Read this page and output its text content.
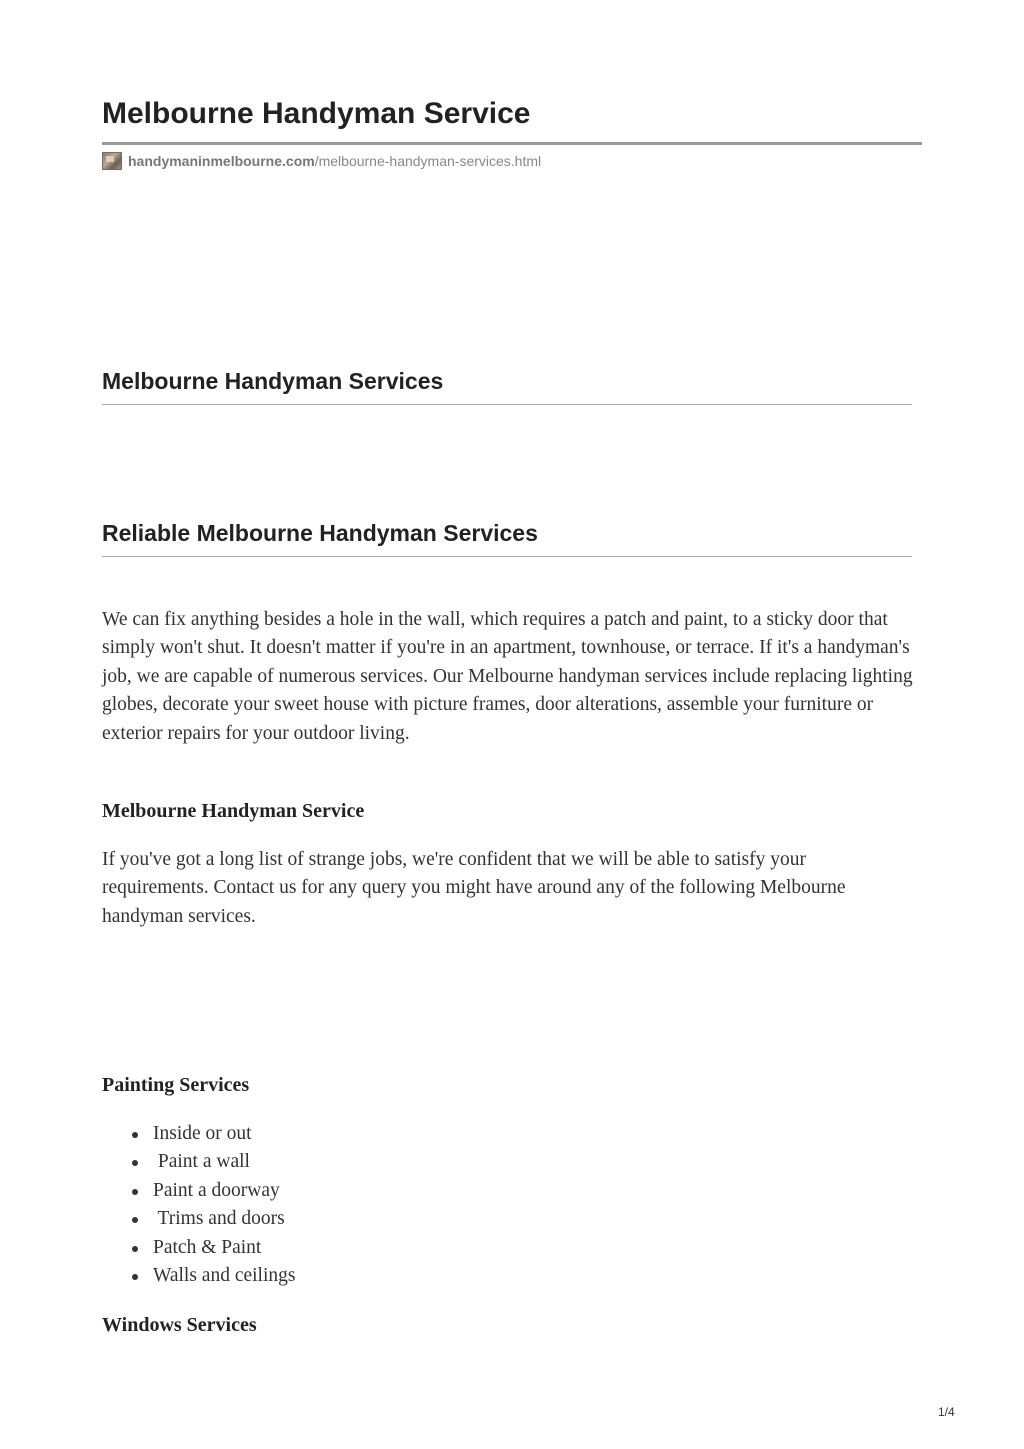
Melbourne Handyman Service
handymaninmelbourne.com /melbourne-handyman-services.html
Melbourne Handyman Services
Reliable Melbourne Handyman Services

We can fix anything besides a hole in the wall, which requires a patch and paint, to a sticky door that simply won't shut. It doesn't matter if you're in an apartment, townhouse, or terrace. If it's a handyman's job, we are capable of numerous services. Our Melbourne handyman services include replacing lighting globes, decorate your sweet house with picture frames, door alterations, assemble your furniture or exterior repairs for your outdoor living.

Melbourne Handyman Service

If you've got a long list of strange jobs, we're confident that we will be able to satisfy your requirements. Contact us for any query you might have around any of the following Melbourne handyman services.

Painting Services
Inside or out
Paint a wall
Paint a doorway
Trims and doors
Patch & Paint
Walls and ceilings
Windows Services
1/4
